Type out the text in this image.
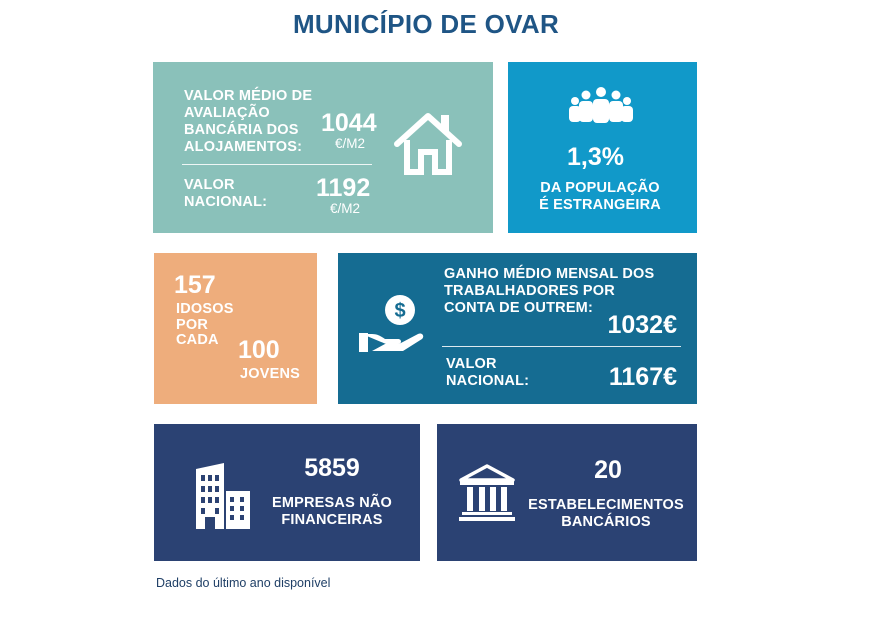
MUNICÍPIO DE OVAR
VALOR MÉDIO DE
AVALIAÇÃO
BANCÁRIA DOS
ALOJAMENTOS:
1044
€/M2
VALOR
NACIONAL: 1192
€/M2
1,3%
DA POPULAÇÃO
É ESTRANGEIRA
157
IDOSOS
POR
CADA 100
JOVENS
$
GANHO MÉDIO MENSAL DOS
TRABALHADORES POR
CONTA DE OUTREM:
1032€
VALOR
NACIONAL:	1167€
5859
EMPRESAS NÃO
FINANCEIRAS
20
ESTABELECIMENTOS
BANCÁRIOS
Dados do último ano disponível
